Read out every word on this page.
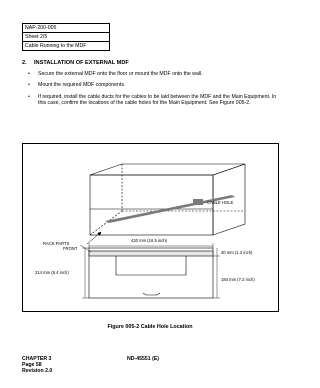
NAP-200-005
Sheet 2/5
Cable Running to the MDF
2. INSTALLATION OF EXTERNAL MDF
• Secure the external MDF onto the floor or mount the MDF onto the wall.
• Mount the required MDF components.
• If required, install the cable ducts for the cables to be laid between the MDF and the Main Equipment. In this case, confirm the locations of the cable holes for the Main Equipment. See Figure 005-2.
CABLE HOLE
FRONT
RACK PARTS
420 mm (16.5 inch)
214 mm (8.4 inch)
30 mm (1.2 inch)
184 mm (7.2 inch)
Figure 005-2 Cable Hole Location
CHAPTER 3
Page 58
Revision 2.0
ND-45551 (E)
